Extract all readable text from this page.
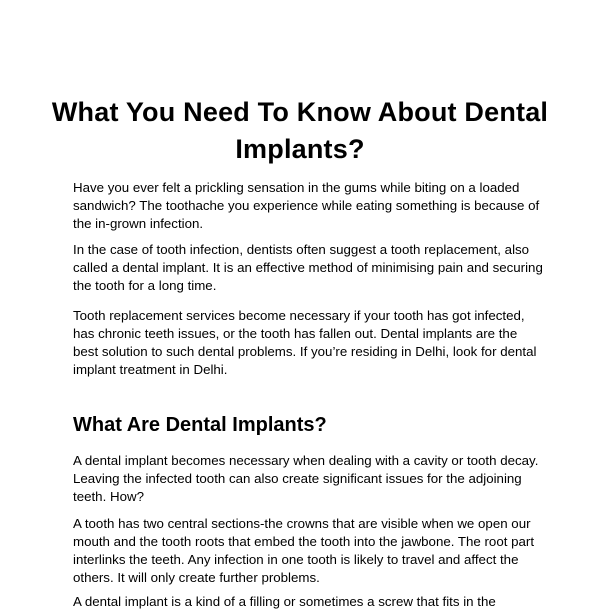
What You Need To Know About Dental Implants?

Have you ever felt a prickling sensation in the gums while biting on a loaded sandwich? The toothache you experience while eating something is because of the in-grown infection.

In the case of tooth infection, dentists often suggest a tooth replacement, also called a dental implant. It is an effective method of minimising pain and securing the tooth for a long time.

Tooth replacement services become necessary if your tooth has got infected, has chronic teeth issues, or the tooth has fallen out. Dental implants are the best solution to such dental problems. If you’re residing in Delhi, look for dental implant treatment in Delhi.

What Are Dental Implants?

A dental implant becomes necessary when dealing with a cavity or tooth decay. Leaving the infected tooth can also create significant issues for the adjoining teeth. How?

A tooth has two central sections-the crowns that are visible when we open our mouth and the tooth roots that embed the tooth into the jawbone. The root part interlinks the teeth. Any infection in one tooth is likely to travel and affect the others. It will only create further problems.

A dental implant is a kind of a filling or sometimes a screw that fits in the
